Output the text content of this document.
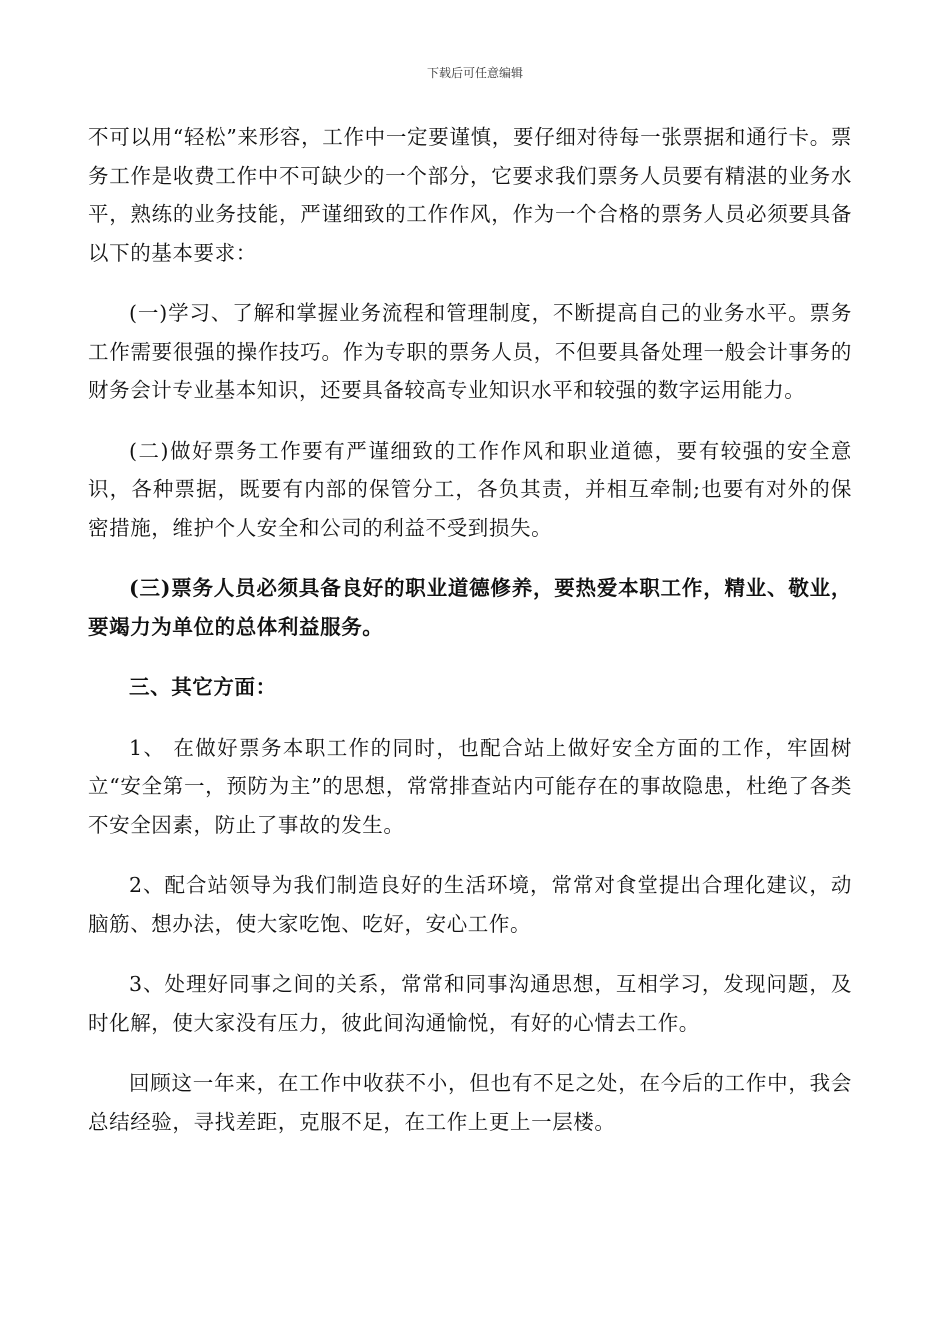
下载后可任意编辑

不可以用“轻松”来形容，工作中一定要谨慎，要仔细对待每一张票据和通行卡。票务工作是收费工作中不可缺少的一个部分，它要求我们票务人员要有精湛的业务水平，熟练的业务技能，严谨细致的工作作风，作为一个合格的票务人员必须要具备以下的基本要求：

(一)学习、了解和掌握业务流程和管理制度，不断提高自己的业务水平。票务工作需要很强的操作技巧。作为专职的票务人员，不但要具备处理一般会计事务的财务会计专业基本知识，还要具备较高专业知识水平和较强的数字运用能力。

(二)做好票务工作要有严谨细致的工作作风和职业道德，要有较强的安全意识，各种票据，既要有内部的保管分工，各负其责，并相互牵制;也要有对外的保密措施，维护个人安全和公司的利益不受到损失。

(三)票务人员必须具备良好的职业道德修养，要热爱本职工作，精业、敬业，要竭力为单位的总体利益服务。

三、其它方面：

1、 在做好票务本职工作的同时，也配合站上做好安全方面的工作，牢固树立“安全第一，预防为主”的思想，常常排查站内可能存在的事故隐患，杜绝了各类不安全因素，防止了事故的发生。

2、配合站领导为我们制造良好的生活环境，常常对食堂提出合理化建议，动脑筋、想办法，使大家吃饱、吃好，安心工作。

3、处理好同事之间的关系，常常和同事沟通思想，互相学习，发现问题，及时化解，使大家没有压力，彼此间沟通愉悦，有好的心情去工作。

回顾这一年来，在工作中收获不小，但也有不足之处，在今后的工作中，我会总结经验，寻找差距，克服不足，在工作上更上一层楼。
